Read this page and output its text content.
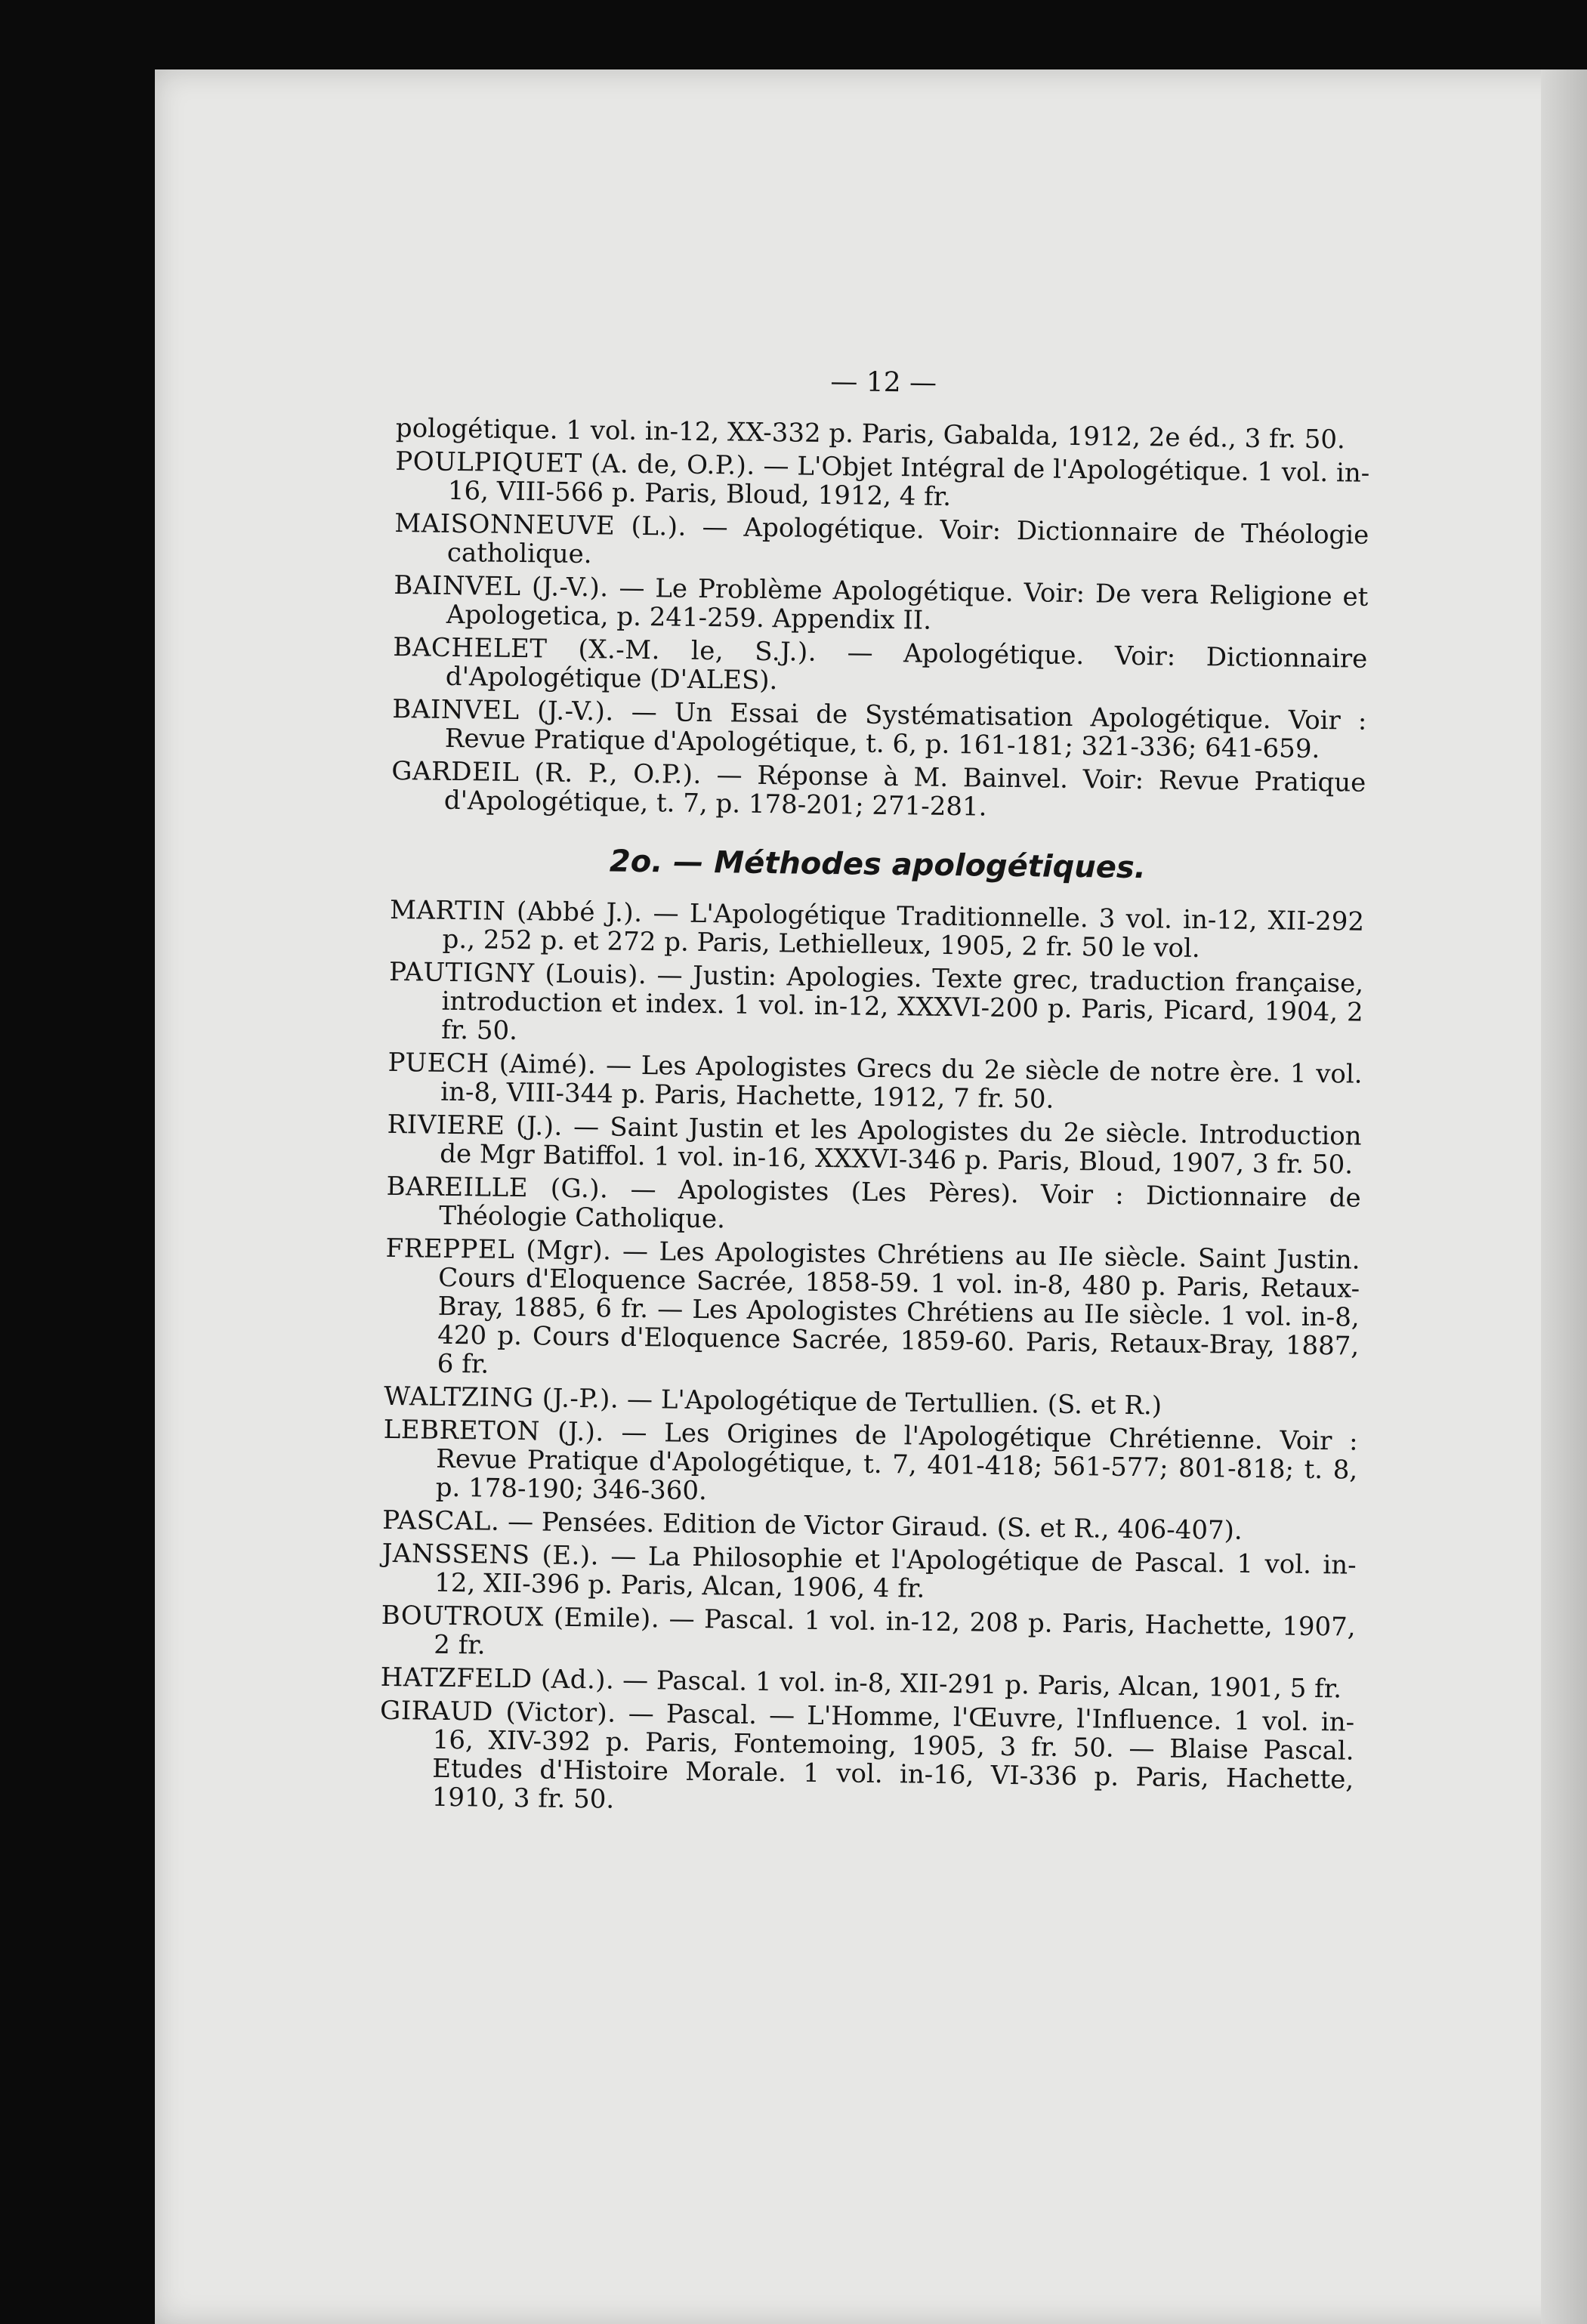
— 12 —
pologétique. 1 vol. in-12, XX-332 p. Paris, Gabalda, 1912, 2e éd., 3 fr. 50.
POULPIQUET (A. de, O.P.). — L'Objet Intégral de l'Apologétique. 1 vol. in-16, VIII-566 p. Paris, Bloud, 1912, 4 fr.
MAISONNEUVE (L.). — Apologétique. Voir: Dictionnaire de Théologie catholique.
BAINVEL (J.-V.). — Le Problème Apologétique. Voir: De vera Religione et Apologetica, p. 241-259. Appendix II.
BACHELET (X.-M. le, S.J.). — Apologétique. Voir: Dictionnaire d'Apologétique (D'ALES).
BAINVEL (J.-V.). — Un Essai de Systématisation Apologétique. Voir : Revue Pratique d'Apologétique, t. 6, p. 161-181; 321-336; 641-659.
GARDEIL (R. P., O.P.). — Réponse à M. Bainvel. Voir: Revue Pratique d'Apologétique, t. 7, p. 178-201; 271-281.
2o. — Méthodes apologétiques.
MARTIN (Abbé J.). — L'Apologétique Traditionnelle. 3 vol. in-12, XII-292 p., 252 p. et 272 p. Paris, Lethielleux, 1905, 2 fr. 50 le vol.
PAUTIGNY (Louis). — Justin: Apologies. Texte grec, traduction française, introduction et index. 1 vol. in-12, XXXVI-200 p. Paris, Picard, 1904, 2 fr. 50.
PUECH (Aimé). — Les Apologistes Grecs du 2e siècle de notre ère. 1 vol. in-8, VIII-344 p. Paris, Hachette, 1912, 7 fr. 50.
RIVIERE (J.). — Saint Justin et les Apologistes du 2e siècle. Introduction de Mgr Batiffol. 1 vol. in-16, XXXVI-346 p. Paris, Bloud, 1907, 3 fr. 50.
BAREILLE (G.). — Apologistes (Les Pères). Voir : Dictionnaire de Théologie Catholique.
FREPPEL (Mgr). — Les Apologistes Chrétiens au IIe siècle. Saint Justin. Cours d'Eloquence Sacrée, 1858-59. 1 vol. in-8, 480 p. Paris, Retaux-Bray, 1885, 6 fr. — Les Apologistes Chrétiens au IIe siècle. 1 vol. in-8, 420 p. Cours d'Eloquence Sacrée, 1859-60. Paris, Retaux-Bray, 1887, 6 fr.
WALTZING (J.-P.). — L'Apologétique de Tertullien. (S. et R.)
LEBRETON (J.). — Les Origines de l'Apologétique Chrétienne. Voir : Revue Pratique d'Apologétique, t. 7, 401-418; 561-577; 801-818; t. 8, p. 178-190; 346-360.
PASCAL. — Pensées. Edition de Victor Giraud. (S. et R., 406-407).
JANSSENS (E.). — La Philosophie et l'Apologétique de Pascal. 1 vol. in-12, XII-396 p. Paris, Alcan, 1906, 4 fr.
BOUTROUX (Emile). — Pascal. 1 vol. in-12, 208 p. Paris, Hachette, 1907, 2 fr.
HATZFELD (Ad.). — Pascal. 1 vol. in-8, XII-291 p. Paris, Alcan, 1901, 5 fr.
GIRAUD (Victor). — Pascal. — L'Homme, l'Œuvre, l'Influence. 1 vol. in-16, XIV-392 p. Paris, Fontemoing, 1905, 3 fr. 50. — Blaise Pascal. Etudes d'Histoire Morale. 1 vol. in-16, VI-336 p. Paris, Hachette, 1910, 3 fr. 50.
